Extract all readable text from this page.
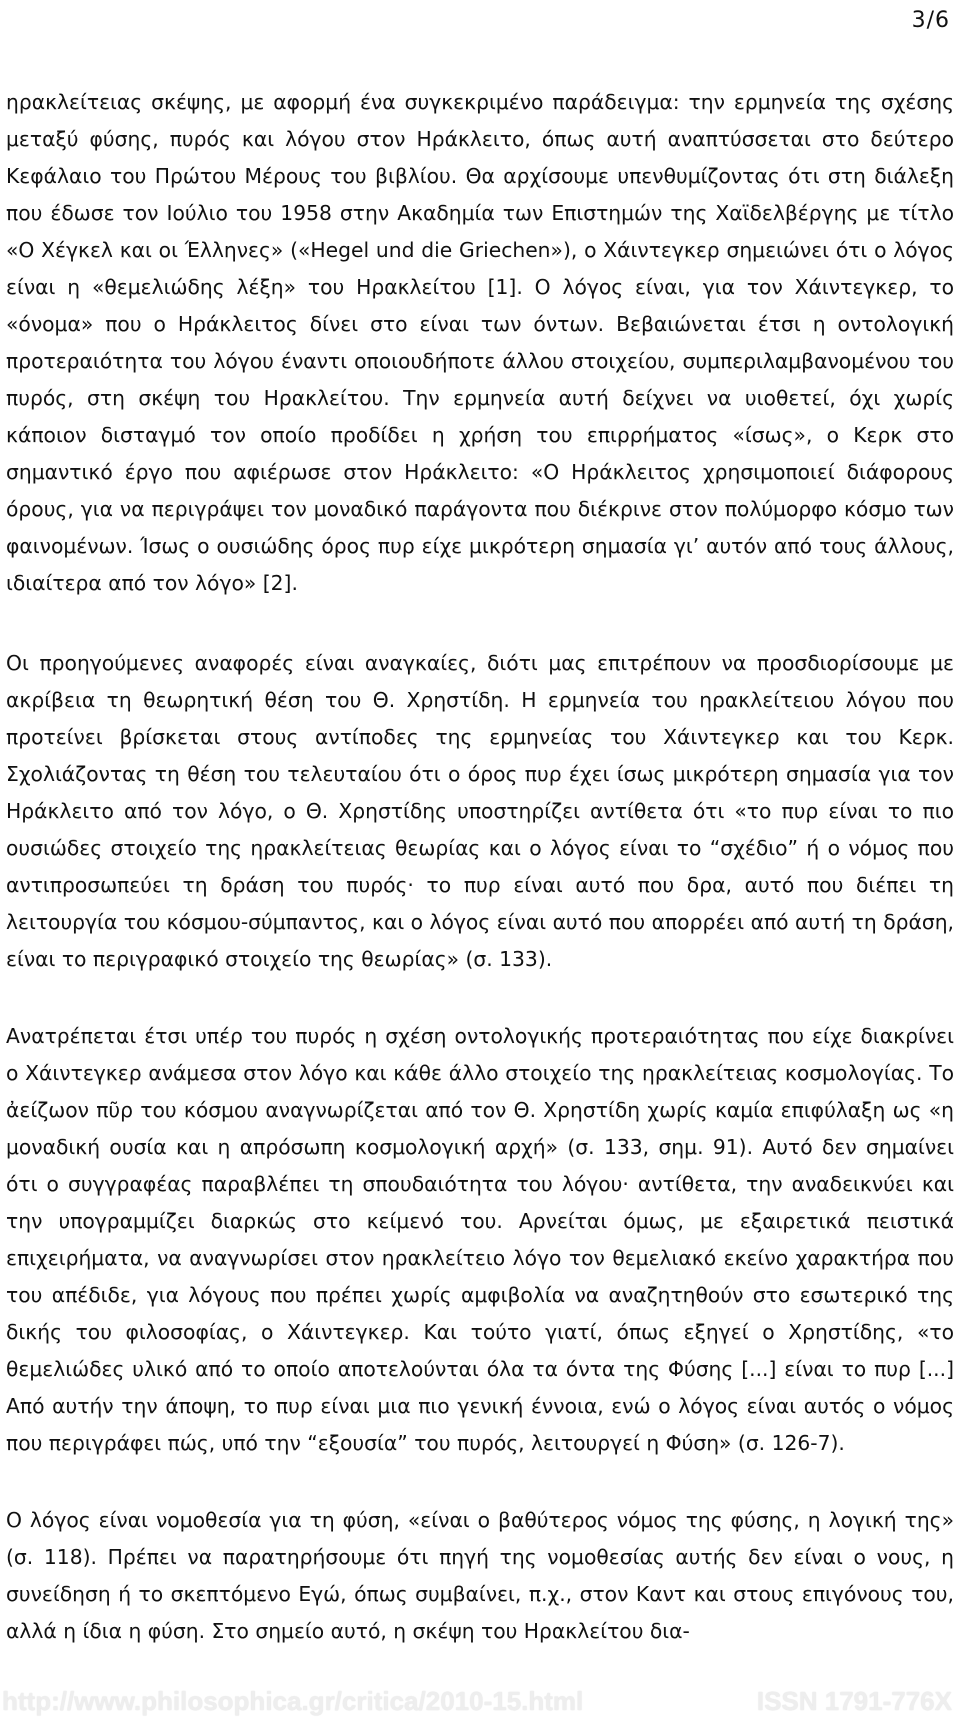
3/6

ηρακλείτειας σκέψης, με αφορμή ένα συγκεκριμένο παράδειγμα: την ερμηνεία της σχέσης μεταξύ φύσης, πυρός και λόγου στον Ηράκλειτο, όπως αυτή αναπτύσσεται στο δεύτερο Κεφάλαιο του Πρώτου Μέρους του βιβλίου. Θα αρχίσουμε υπενθυμίζοντας ότι στη διάλεξη που έδωσε τον Ιούλιο του 1958 στην Ακαδημία των Επιστημών της Χαϊδελβέργης με τίτλο «Ο Χέγκελ και οι Έλληνες» («Hegel und die Griechen»), ο Χάιντεγκερ σημειώνει ότι ο λόγος είναι η «θεμελιώδης λέξη» του Ηρακλείτου [1]. Ο λόγος είναι, για τον Χάιντεγκερ, το «όνομα» που ο Ηράκλειτος δίνει στο είναι των όντων. Βεβαιώνεται έτσι η οντολογική προτεραιότητα του λόγου έναντι οποιουδήποτε άλλου στοιχείου, συμπεριλαμβανομένου του πυρός, στη σκέψη του Ηρακλείτου. Την ερμηνεία αυτή δείχνει να υιοθετεί, όχι χωρίς κάποιον δισταγμό τον οποίο προδίδει η χρήση του επιρρήματος «ίσως», ο Κερκ στο σημαντικό έργο που αφιέρωσε στον Ηράκλειτο: «Ο Ηράκλειτος χρησιμοποιεί διάφορους όρους, για να περιγράψει τον μοναδικό παράγοντα που διέκρινε στον πολύμορφο κόσμο των φαινομένων. Ίσως ο ουσιώδης όρος πυρ είχε μικρότερη σημασία γι’ αυτόν από τους άλλους, ιδιαίτερα από τον λόγο» [2].

Οι προηγούμενες αναφορές είναι αναγκαίες, διότι μας επιτρέπουν να προσδιορίσουμε με ακρίβεια τη θεωρητική θέση του Θ. Χρηστίδη. Η ερμηνεία του ηρακλείτειου λόγου που προτείνει βρίσκεται στους αντίποδες της ερμηνείας του Χάιντεγκερ και του Κερκ. Σχολιάζοντας τη θέση του τελευταίου ότι ο όρος πυρ έχει ίσως μικρότερη σημασία για τον Ηράκλειτο από τον λόγο, ο Θ. Χρηστίδης υποστηρίζει αντίθετα ότι «το πυρ είναι το πιο ουσιώδες στοιχείο της ηρακλείτειας θεωρίας και ο λόγος είναι το “σχέδιο” ή ο νόμος που αντιπροσωπεύει τη δράση του πυρός· το πυρ είναι αυτό που δρα, αυτό που διέπει τη λειτουργία του κόσμου-σύμπαντος, και ο λόγος είναι αυτό που απορρέει από αυτή τη δράση, είναι το περιγραφικό στοιχείο της θεωρίας» (σ. 133).

Ανατρέπεται έτσι υπέρ του πυρός η σχέση οντολογικής προτεραιότητας που είχε διακρίνει ο Χάιντεγκερ ανάμεσα στον λόγο και κάθε άλλο στοιχείο της ηρακλείτειας κοσμολογίας. Το ἀείζωον πῦρ του κόσμου αναγνωρίζεται από τον Θ. Χρηστίδη χωρίς καμία επιφύλαξη ως «η μοναδική ουσία και η απρόσωπη κοσμολογική αρχή» (σ. 133, σημ. 91). Αυτό δεν σημαίνει ότι ο συγγραφέας παραβλέπει τη σπουδαιότητα του λόγου· αντίθετα, την αναδεικνύει και την υπογραμμίζει διαρκώς στο κείμενό του. Αρνείται όμως, με εξαιρετικά πειστικά επιχειρήματα, να αναγνωρίσει στον ηρακλείτειο λόγο τον θεμελιακό εκείνο χαρακτήρα που του απέδιδε, για λόγους που πρέπει χωρίς αμφιβολία να αναζητηθούν στο εσωτερικό της δικής του φιλοσοφίας, ο Χάιντεγκερ. Και τούτο γιατί, όπως εξηγεί ο Χρηστίδης, «το θεμελιώδες υλικό από το οποίο αποτελούνται όλα τα όντα της Φύσης [...] είναι το πυρ [...] Από αυτήν την άποψη, το πυρ είναι μια πιο γενική έννοια, ενώ ο λόγος είναι αυτός ο νόμος που περιγράφει πώς, υπό την “εξουσία” του πυρός, λειτουργεί η Φύση» (σ. 126-7).

Ο λόγος είναι νομοθεσία για τη φύση, «είναι ο βαθύτερος νόμος της φύσης, η λογική της» (σ. 118). Πρέπει να παρατηρήσουμε ότι πηγή της νομοθεσίας αυτής δεν είναι ο νους, η συνείδηση ή το σκεπτόμενο Εγώ, όπως συμβαίνει, π.χ., στον Καντ και στους επιγόνους του, αλλά η ίδια η φύση. Στο σημείο αυτό, η σκέψη του Ηρακλείτου δια-

http://www.philosophica.gr/critica/2010-15.html	ISSN 1791-776X
